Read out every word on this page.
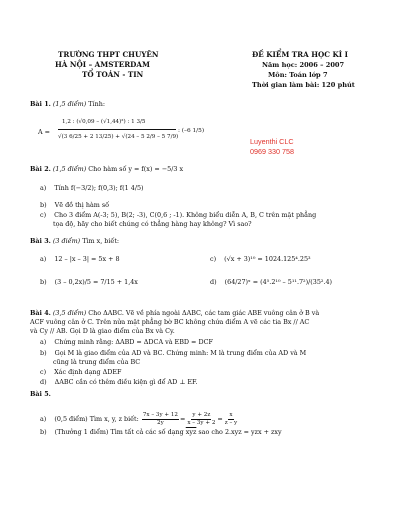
TRƯỜNG THPT CHUYÊN
HÀ NỘI – AMSTERDAM
TỔ TOÁN - TIN
ĐỀ KIỂM TRA HỌC KÌ I
Năm học: 2006 – 2007
Môn: Toán lớp 7
Thời gian làm bài: 120 phút
Luyenthi CLC
0969 330 758
Bài 1. (1,5 điểm) Tính:
A =
1,2 : (√0,09 – (√1,44)²) : 1 3/5
√(3 6/25 + 2 13/25) + √(24 – 5 2/9 – 5 7/9)
: (–6 1/5)
Bài 2. (1,5 điểm) Cho hàm số y = f(x) = −5/3 x
a) Tính f(−3/2); f(0,3); f(1 4/5)
b) Vẽ đồ thị hàm số
c) Cho 3 điểm A(-3; 5), B(2; -3), C(0,6 ; -1). Không biểu diễn A, B, C trên mặt phẳng
tọa độ, hãy cho biết chúng có thẳng hàng hay không? Vì sao?
Bài 3. (3 điểm) Tìm x, biết:
a) 12 – |x – 3| = 5x + 8	c) (√x + 3)¹⁰ = 1024.125⁴.25³
b) (3 – 0,2x)/5 = 7/15 + 1,4x	d) (64/27)ˣ = (4⁵.2¹⁰ – 5¹¹.7²)/(35².4)
Bài 4. (3,5 điểm) Cho ΔABC. Vẽ về phía ngoài ΔABC, các tam giác ABE vuông cân ở B và
ACF vuông cân ở C. Trên nửa mặt phẳng bờ BC không chứa điểm A vẽ các tia Bx // AC
và Cy // AB. Gọi D là giao điểm của Bx và Cy.
a) Chứng minh rằng: ΔABD = ΔDCA và EBD = DCF
b) Gọi M là giao điểm của AD và BC. Chứng minh: M là trung điểm của AD và M
cũng là trung điểm của BC
c) Xác định dạng ΔDEF
d) ΔABC cần có thêm điều kiện gì để AD ⊥ EF.
Bài 5.
a) (0,5 điểm) Tìm x, y, z biết: $\frac{7x - 3y + 12}{2y} = \frac{y + 2z}{x - 3y + 2} = \frac{x}{z - y}$
b) (Thưởng 1 điểm) Tìm tất cả các số dạng $\overline{xyz}$ sao cho 2.xyz = yzx + zxy
